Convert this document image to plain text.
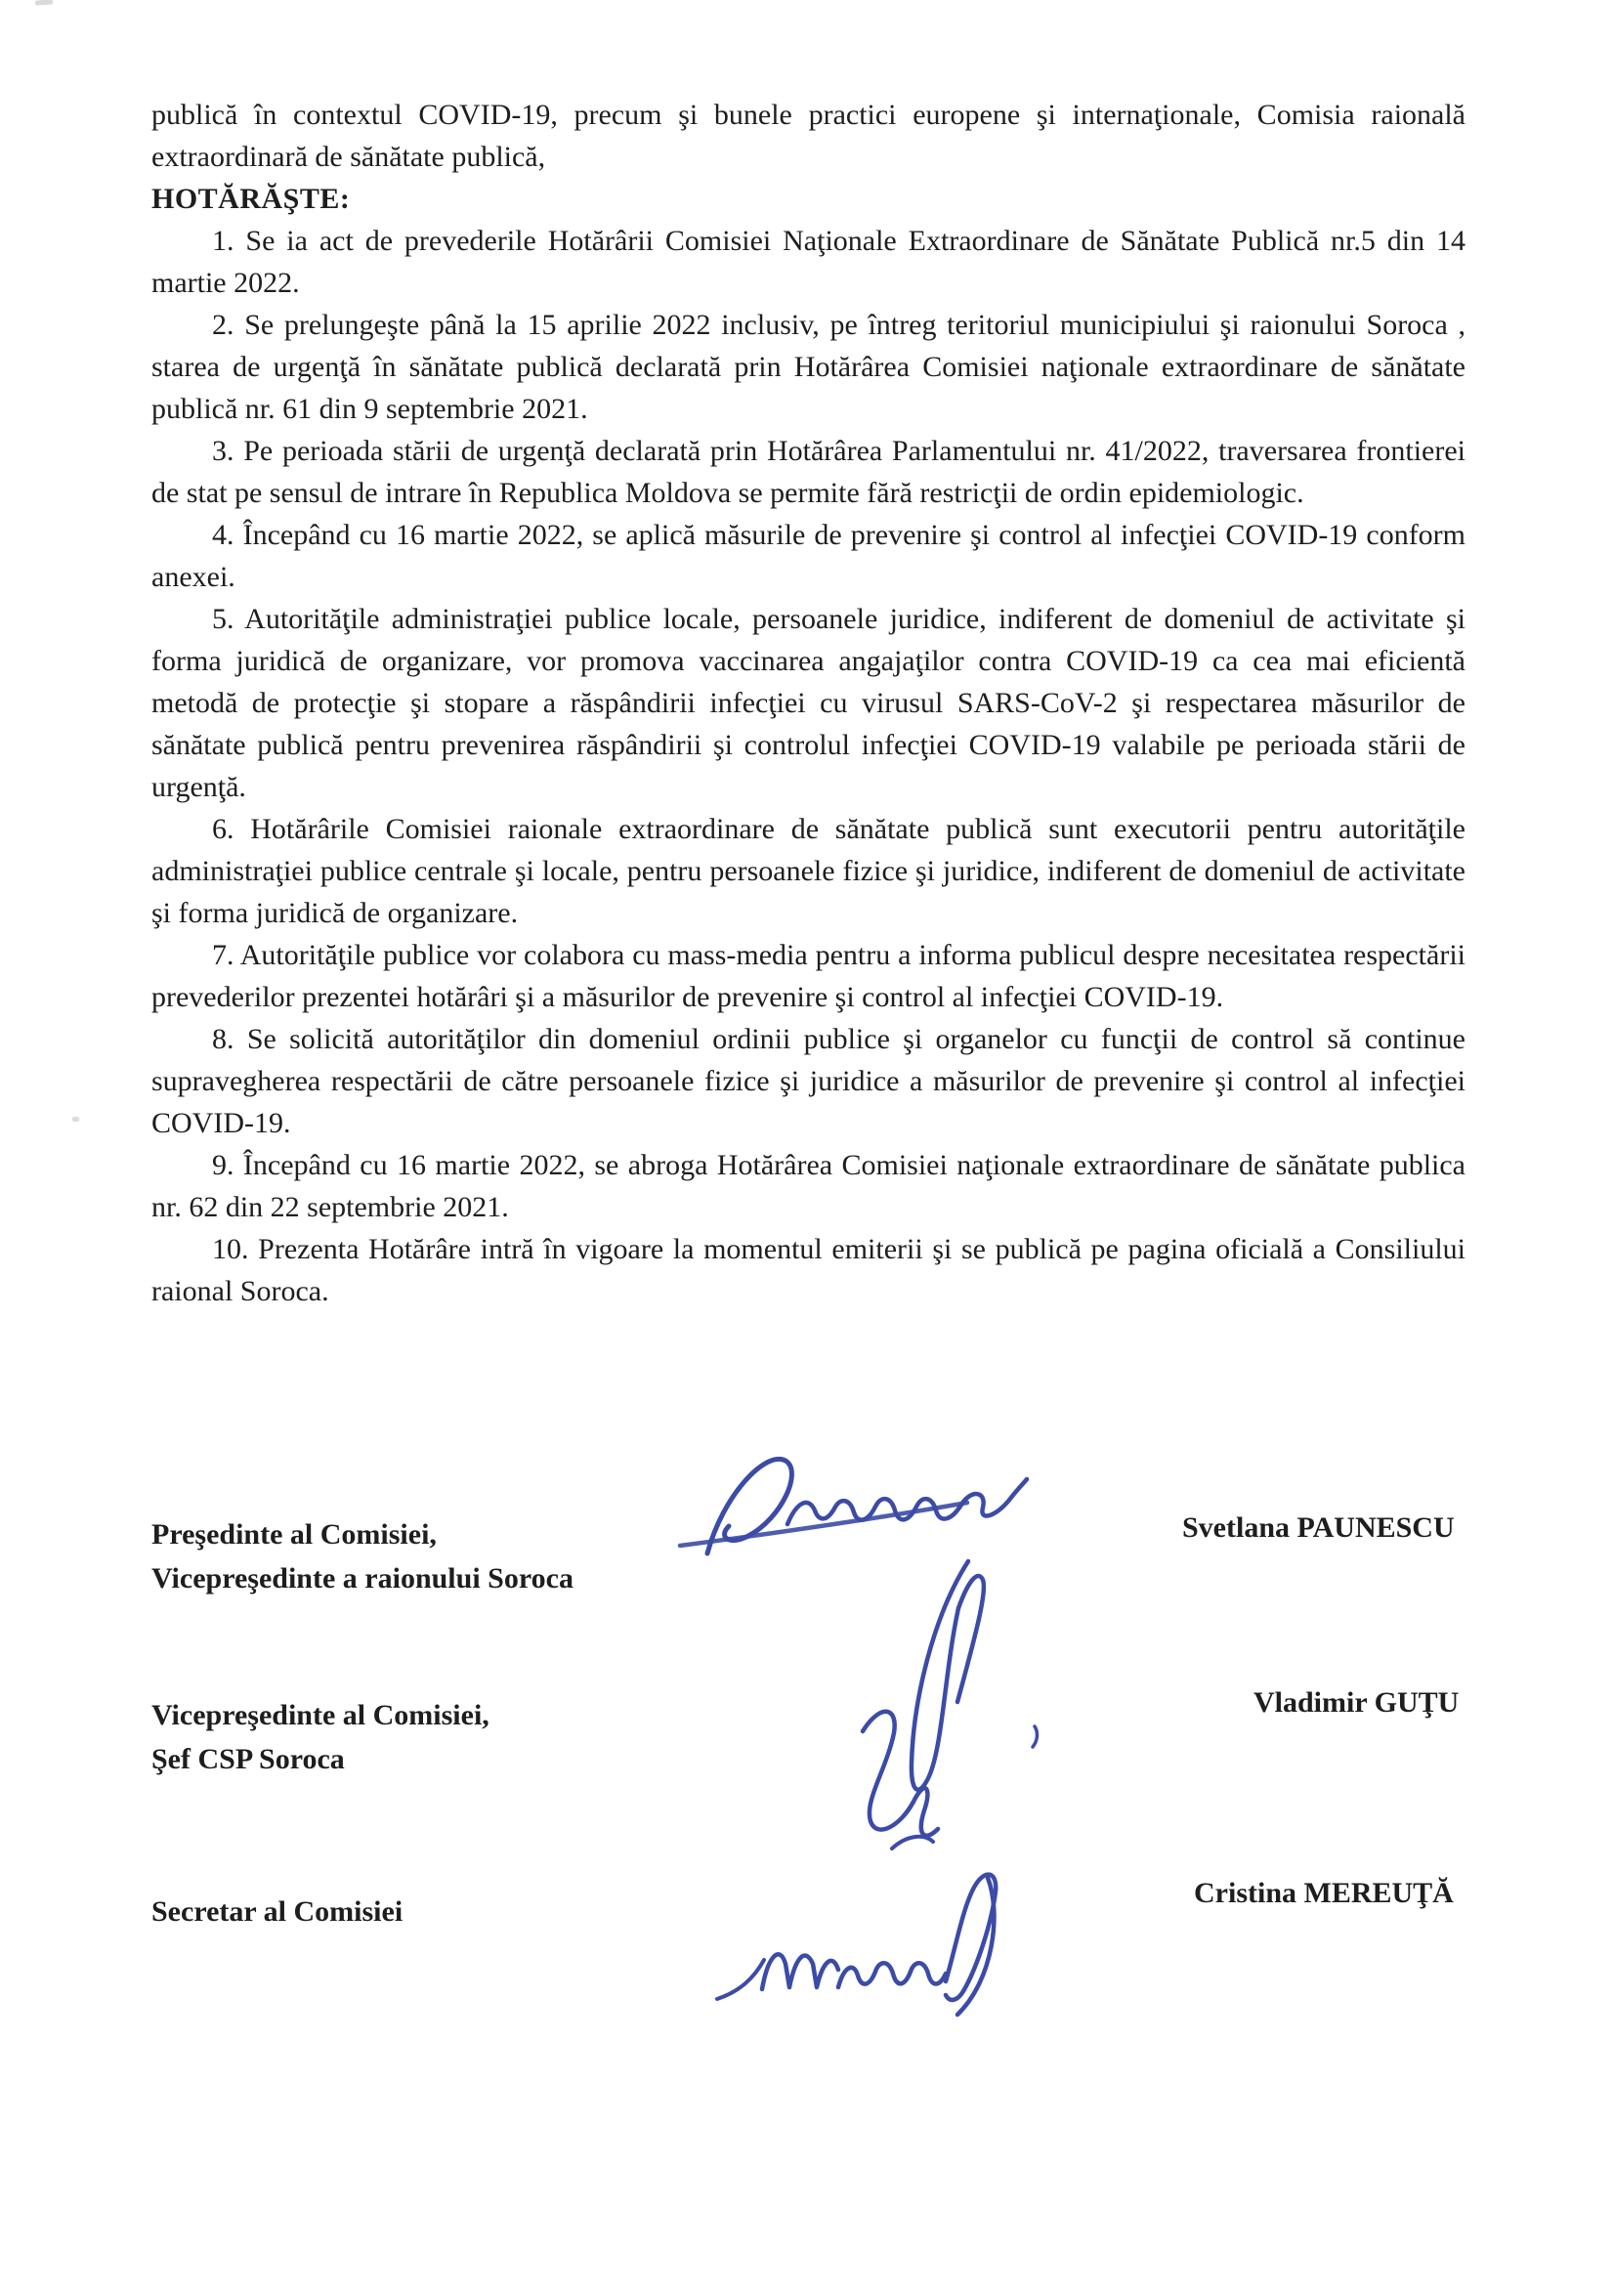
publică în contextul COVID-19, precum şi bunele practici europene şi internaţionale, Comisia raională extraordinară de sănătate publică,

HOTĂRĂŞTE:

1. Se ia act de prevederile Hotărârii Comisiei Naţionale Extraordinare de Sănătate Publică nr.5 din 14 martie 2022.

2. Se prelungeşte până la 15 aprilie 2022 inclusiv, pe întreg teritoriul municipiului şi raionului Soroca , starea de urgenţă în sănătate publică declarată prin Hotărârea Comisiei naţionale extraordinare de sănătate publică nr. 61 din 9 septembrie 2021.

3. Pe perioada stării de urgenţă declarată prin Hotărârea Parlamentului nr. 41/2022, traversarea frontierei de stat pe sensul de intrare în Republica Moldova se permite fără restricţii de ordin epidemiologic.

4. Începând cu 16 martie 2022, se aplică măsurile de prevenire şi control al infecţiei COVID-19 conform anexei.

5. Autorităţile administraţiei publice locale, persoanele juridice, indiferent de domeniul de activitate şi forma juridică de organizare, vor promova vaccinarea angajaţilor contra COVID-19 ca cea mai eficientă metodă de protecţie şi stopare a răspândirii infecţiei cu virusul SARS-CoV-2 şi respectarea măsurilor de sănătate publică pentru prevenirea răspândirii şi controlul infecţiei COVID-19 valabile pe perioada stării de urgenţă.

6. Hotărârile Comisiei raionale extraordinare de sănătate publică sunt executorii pentru autorităţile administraţiei publice centrale şi locale, pentru persoanele fizice şi juridice, indiferent de domeniul de activitate şi forma juridică de organizare.

7. Autorităţile publice vor colabora cu mass-media pentru a informa publicul despre necesitatea respectării prevederilor prezentei hotărâri şi a măsurilor de prevenire şi control al infecţiei COVID-19.

8. Se solicită autorităţilor din domeniul ordinii publice şi organelor cu funcţii de control să continue supravegherea respectării de către persoanele fizice şi juridice a măsurilor de prevenire şi control al infecţiei COVID-19.

9. Începând cu 16 martie 2022, se abroga Hotărârea Comisiei naţionale extraordinare de sănătate publica nr. 62 din 22 septembrie 2021.

10. Prezenta Hotărâre intră în vigoare la momentul emiterii şi se publică pe pagina oficială a Consiliului raional Soroca.

Preşedinte al Comisiei,
Vicepreşedinte a raionului Soroca
Svetlana PAUNESCU
Vicepreşedinte al Comisiei,
Şef CSP Soroca
Vladimir GUŢU
Secretar al Comisiei
Cristina MEREUŢĂ
